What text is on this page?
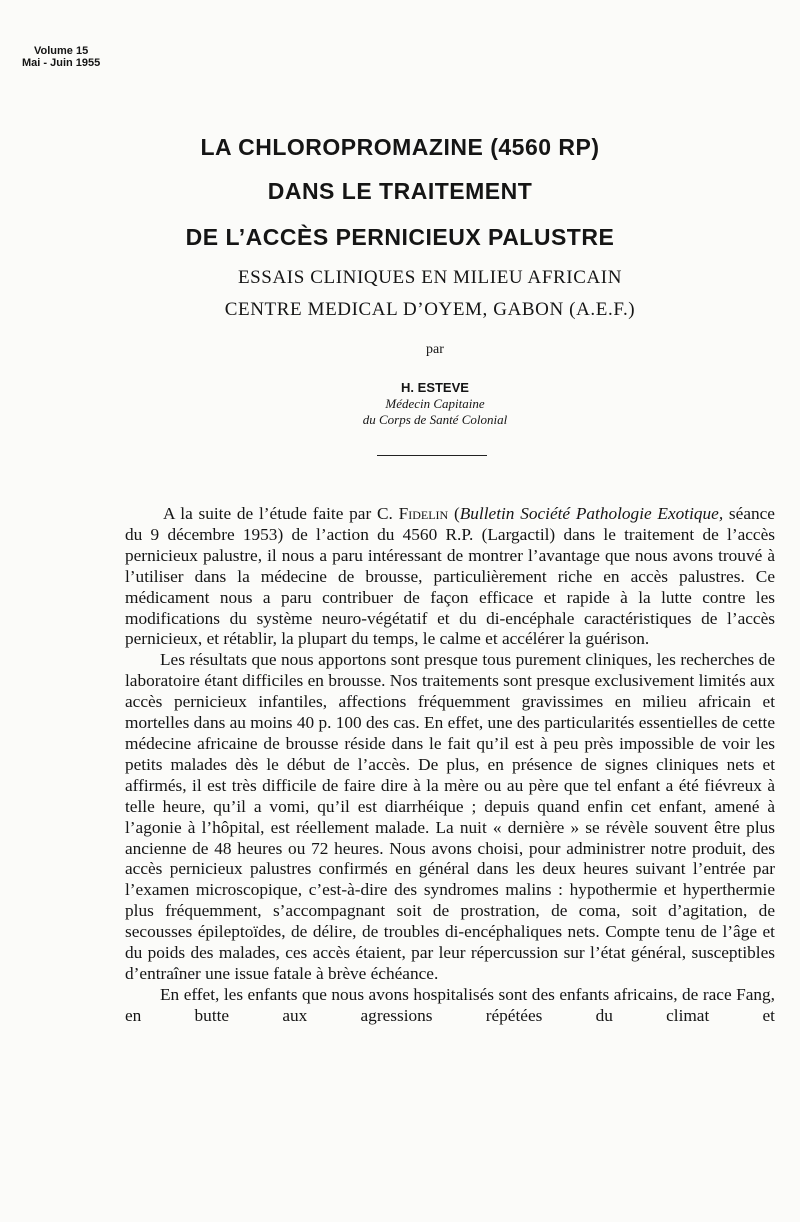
Volume 15
Mai - Juin 1955
LA CHLOROPROMAZINE (4560 RP)
DANS LE TRAITEMENT
DE L’ACCÈS PERNICIEUX PALUSTRE
ESSAIS CLINIQUES EN MILIEU AFRICAIN
CENTRE MEDICAL D’OYEM, GABON (A.E.F.)
par
H. ESTEVE
Médecin Capitaine
du Corps de Santé Colonial

A la suite de l’étude faite par C. Fidelin (Bulletin Société Pathologie Exotique, séance du 9 décembre 1953) de l’action du 4560 R.P. (Largactil) dans le traitement de l’accès pernicieux palustre, il nous a paru intéressant de montrer l’avantage que nous avons trouvé à l’utiliser dans la médecine de brousse, particulièrement riche en accès palustres. Ce médicament nous a paru contribuer de façon efficace et rapide à la lutte contre les modifications du système neuro-végétatif et du di-encéphale caractéristiques de l’accès pernicieux, et rétablir, la plupart du temps, le calme et accélérer la guérison.

Les résultats que nous apportons sont presque tous purement cliniques, les recherches de laboratoire étant difficiles en brousse. Nos traitements sont presque exclusivement limités aux accès pernicieux infantiles, affections fréquemment gravissimes en milieu africain et mortelles dans au moins 40 p. 100 des cas. En effet, une des particularités essentielles de cette médecine africaine de brousse réside dans le fait qu’il est à peu près impossible de voir les petits malades dès le début de l’accès. De plus, en présence de signes cliniques nets et affirmés, il est très difficile de faire dire à la mère ou au père que tel enfant a été fiévreux à telle heure, qu’il a vomi, qu’il est diarrhéique ; depuis quand enfin cet enfant, amené à l’agonie à l’hôpital, est réellement malade. La nuit « dernière » se révèle souvent être plus ancienne de 48 heures ou 72 heures. Nous avons choisi, pour administrer notre produit, des accès pernicieux palustres confirmés en général dans les deux heures suivant l’entrée par l’examen microscopique, c’est-à-dire des syndromes malins : hypothermie et hyperthermie plus fréquemment, s’accompagnant soit de prostration, de coma, soit d’agitation, de secousses épileptoïdes, de délire, de troubles di-encéphaliques nets. Compte tenu de l’âge et du poids des malades, ces accès étaient, par leur répercussion sur l’état général, susceptibles d’entraîner une issue fatale à brève échéance.

En effet, les enfants que nous avons hospitalisés sont des enfants africains, de race Fang, en butte aux agressions répétées du climat et
